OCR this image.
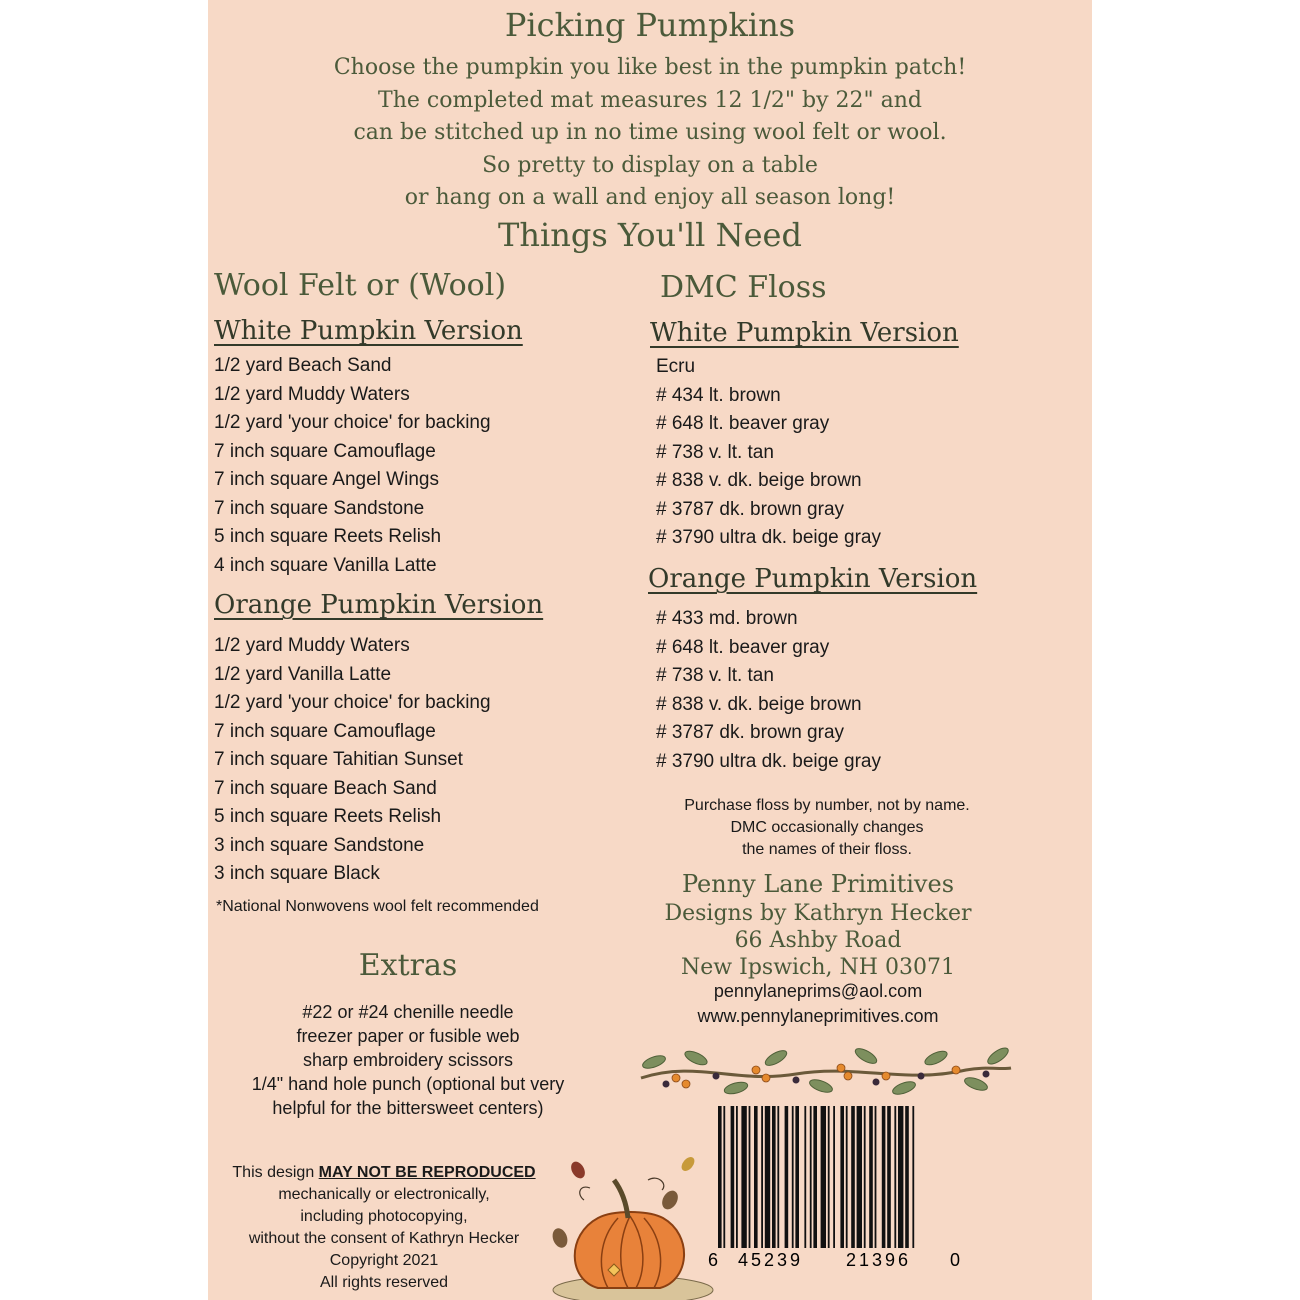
Picking Pumpkins
Choose the pumpkin you like best in the pumpkin patch!
The completed mat measures 12 1/2" by 22" and
can be stitched up in no time using wool felt or wool.
So pretty to display on a table
or hang on a wall and enjoy all season long!
Things You'll Need
Wool Felt or (Wool)
White Pumpkin Version
1/2 yard Beach Sand
1/2 yard Muddy Waters
1/2 yard 'your choice' for backing
7 inch square Camouflage
7 inch square Angel Wings
7 inch square Sandstone
5 inch square Reets Relish
4 inch square Vanilla Latte
Orange Pumpkin Version
1/2 yard Muddy Waters
1/2 yard Vanilla Latte
1/2 yard 'your choice' for backing
7 inch square Camouflage
7 inch square Tahitian Sunset
7 inch square Beach Sand
5 inch square Reets Relish
3 inch square Sandstone
3 inch square Black
*National Nonwovens wool felt recommended
DMC Floss
White Pumpkin Version
Ecru
# 434 lt. brown
# 648 lt. beaver gray
# 738 v. lt. tan
# 838 v. dk. beige brown
# 3787 dk. brown gray
# 3790 ultra dk. beige gray
Orange Pumpkin Version
# 433 md. brown
# 648 lt. beaver gray
# 738 v. lt. tan
# 838 v. dk. beige brown
# 3787 dk. brown gray
# 3790 ultra dk. beige gray
Purchase floss by number, not by name.
DMC occasionally changes
the names of their floss.
Penny Lane Primitives
Designs by Kathryn Hecker
66 Ashby Road
New Ipswich, NH 03071
pennylaneprims@aol.com
www.pennylaneprimitives.com
Extras
#22 or #24 chenille needle
freezer paper or fusible web
sharp embroidery scissors
1/4" hand hole punch (optional but very
helpful for the bittersweet centers)
This design MAY NOT BE REPRODUCED
mechanically or electronically,
including photocopying,
without the consent of Kathryn Hecker
Copyright 2021
All rights reserved
6 45239 21396 0
